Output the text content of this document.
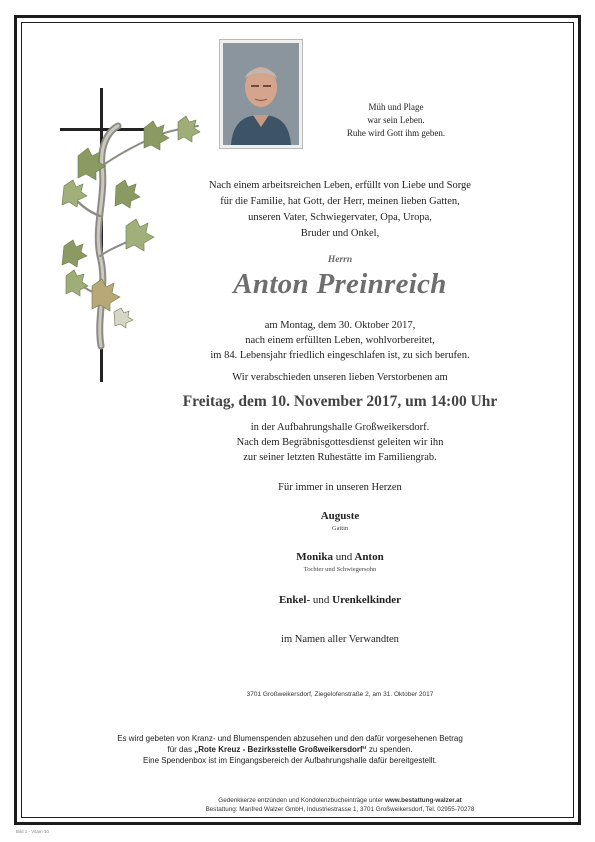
Müh und Plage
war sein Leben.
Ruhe wird Gott ihm geben.
Nach einem arbeitsreichen Leben, erfüllt von Liebe und Sorge
für die Familie, hat Gott, der Herr, meinen lieben Gatten,
unseren Vater, Schwiegervater, Opa, Uropa,
Bruder und Onkel,
Herrn
Anton Preinreich
am Montag, dem 30. Oktober 2017,
nach einem erfüllten Leben, wohlvorbereitet,
im 84. Lebensjahr friedlich eingeschlafen ist, zu sich berufen.
Wir verabschieden unseren lieben Verstorbenen am
Freitag, dem 10. November 2017, um 14:00 Uhr
in der Aufbahrungshalle Großweikersdorf.
Nach dem Begräbnisgottesdienst geleiten wir ihn
zur seiner letzten Ruhestätte im Familiengrab.
Für immer in unseren Herzen
Auguste
Gattin
Monika und Anton
Tochter und Schwiegersohn
Enkel- und Urenkelkinder
im Namen aller Verwandten
3701 Großweikersdorf, Ziegelofenstraße 2, am 31. Oktober 2017
Es wird gebeten von Kranz- und Blumenspenden abzusehen und den dafür vorgesehenen Betrag
für das „Rote Kreuz - Bezirksstelle Großweikersdorf“ zu spenden.
Eine Spendenbox ist im Eingangsbereich der Aufbahrungshalle dafür bereitgestellt.
Gedenkkerze entzünden und Kondolenzbucheinträge unter www.bestattung-walzer.at
Bestattung: Manfred Walzer GmbH, Industriestrasse 1, 3701 Großweikersdorf, Tel. 02955-70278
Bild 1 · Vitam 10
